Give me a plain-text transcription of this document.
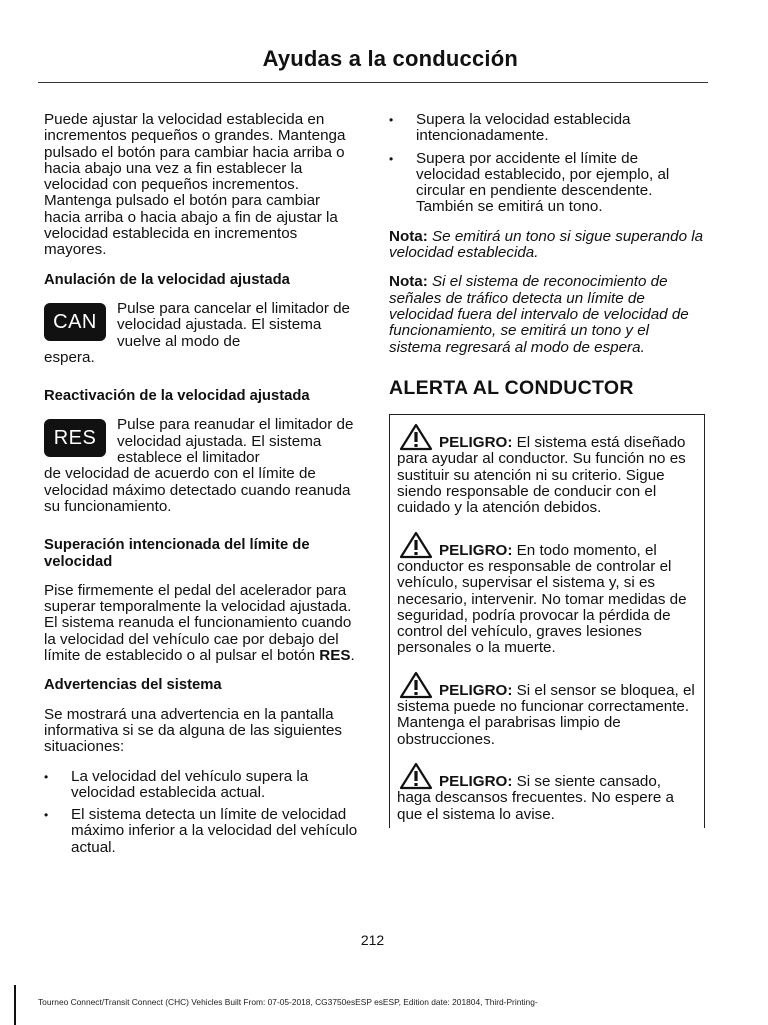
Ayudas a la conducción

Puede ajustar la velocidad establecida en incrementos pequeños o grandes. Mantenga pulsado el botón para cambiar hacia arriba o hacia abajo una vez a fin establecer la velocidad con pequeños incrementos. Mantenga pulsado el botón para cambiar hacia arriba o hacia abajo a fin de ajustar la velocidad establecida en incrementos mayores.

Anulación de la velocidad ajustada
CAN
Pulse para cancelar el limitador de velocidad ajustada. El sistema vuelve al modo de
espera.
Reactivación de la velocidad ajustada
RES
Pulse para reanudar el limitador de velocidad ajustada. El sistema establece el limitador
de velocidad de acuerdo con el límite de velocidad máximo detectado cuando reanuda su funcionamiento.
Superación intencionada del límite de velocidad

Pise firmemente el pedal del acelerador para superar temporalmente la velocidad ajustada. El sistema reanuda el funcionamiento cuando la velocidad del vehículo cae por debajo del límite de establecido o al pulsar el botón RES.

Advertencias del sistema

Se mostrará una advertencia en la pantalla informativa si se da alguna de las siguientes situaciones:

• La velocidad del vehículo supera la velocidad establecida actual.
• El sistema detecta un límite de velocidad máximo inferior a la velocidad del vehículo actual.
• Supera la velocidad establecida intencionadamente.
• Supera por accidente el límite de velocidad establecido, por ejemplo, al circular en pendiente descendente. También se emitirá un tono.

Nota: Se emitirá un tono si sigue superando la velocidad establecida.

Nota: Si el sistema de reconocimiento de señales de tráfico detecta un límite de velocidad fuera del intervalo de velocidad de funcionamiento, se emitirá un tono y el sistema regresará al modo de espera.

ALERTA AL CONDUCTOR
PELIGRO: El sistema está diseñado para ayudar al conductor. Su función no es sustituir su atención ni su criterio. Sigue siendo responsable de conducir con el cuidado y la atención debidos.
PELIGRO: En todo momento, el conductor es responsable de controlar el vehículo, supervisar el sistema y, si es necesario, intervenir. No tomar medidas de seguridad, podría provocar la pérdida de control del vehículo, graves lesiones personales o la muerte.
PELIGRO: Si el sensor se bloquea, el sistema puede no funcionar correctamente. Mantenga el parabrisas limpio de obstrucciones.
PELIGRO: Si se siente cansado, haga descansos frecuentes. No espere a que el sistema lo avise.
212
Tourneo Connect/Transit Connect (CHC) Vehicles Built From: 07-05-2018, CG3750esESP esESP, Edition date: 201804, Third-Printing-
